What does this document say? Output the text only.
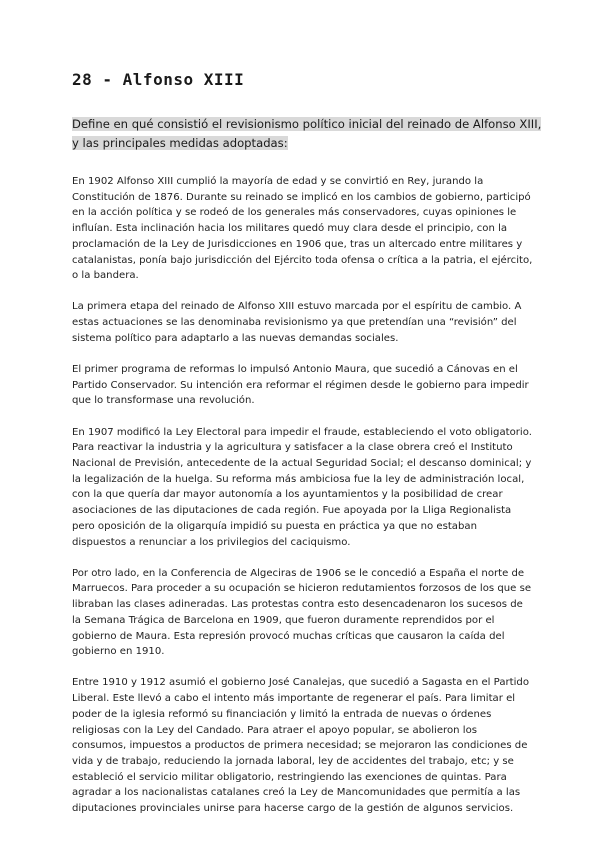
28 - Alfonso XIII
Define en qué consistió el revisionismo político inicial del reinado de Alfonso XIII, y las principales medidas adoptadas:

En 1902 Alfonso XIII cumplió la mayoría de edad y se convirtió en Rey, jurando la Constitución de 1876. Durante su reinado se implicó en los cambios de gobierno, participó en la acción política y se rodeó de los generales más conservadores, cuyas opiniones le influían. Esta inclinación hacia los militares quedó muy clara desde el principio, con la proclamación de la Ley de Jurisdicciones en 1906 que, tras un altercado entre militares y catalanistas, ponía bajo jurisdicción del Ejército toda ofensa o crítica a la patria, el ejército, o la bandera.

La primera etapa del reinado de Alfonso XIII estuvo marcada por el espíritu de cambio. A estas actuaciones se las denominaba revisionismo ya que pretendían una “revisión” del sistema político para adaptarlo a las nuevas demandas sociales.

El primer programa de reformas lo impulsó Antonio Maura, que sucedió a Cánovas en el Partido Conservador. Su intención era reformar el régimen desde le gobierno para impedir que lo transformase una revolución.

En 1907 modificó la Ley Electoral para impedir el fraude, estableciendo el voto obligatorio. Para reactivar la industria y la agricultura y satisfacer a la clase obrera creó el Instituto Nacional de Previsión, antecedente de la actual Seguridad Social; el descanso dominical; y la legalización de la huelga. Su reforma más ambiciosa fue la ley de administración local, con la que quería dar mayor autonomía a los ayuntamientos y la posibilidad de crear asociaciones de las diputaciones de cada región. Fue apoyada por la Lliga Regionalista pero oposición de la oligarquía impidió su puesta en práctica ya que no estaban dispuestos a renunciar a los privilegios del caciquismo.

Por otro lado, en la Conferencia de Algeciras de 1906 se le concedió a España el norte de Marruecos. Para proceder a su ocupación se hicieron redutamientos forzosos de los que se libraban las clases adineradas. Las protestas contra esto desencadenaron los sucesos de la Semana Trágica de Barcelona en 1909, que fueron duramente reprendidos por el gobierno de Maura. Esta represión provocó muchas críticas que causaron la caída del gobierno en 1910.

Entre 1910 y 1912 asumió el gobierno José Canalejas, que sucedió a Sagasta en el Partido Liberal. Este llevó a cabo el intento más importante de regenerar el país. Para limitar el poder de la iglesia reformó su financiación y limitó la entrada de nuevas o órdenes religiosas con la Ley del Candado. Para atraer el apoyo popular, se abolieron los consumos, impuestos a productos de primera necesidad; se mejoraron las condiciones de vida y de trabajo, reduciendo la jornada laboral, ley de accidentes del trabajo, etc; y se estableció el servicio militar obligatorio, restringiendo las exenciones de quintas. Para agradar a los nacionalistas catalanes creó la Ley de Mancomunidades que permitía a las diputaciones provinciales unirse para hacerse cargo de la gestión de algunos servicios.
